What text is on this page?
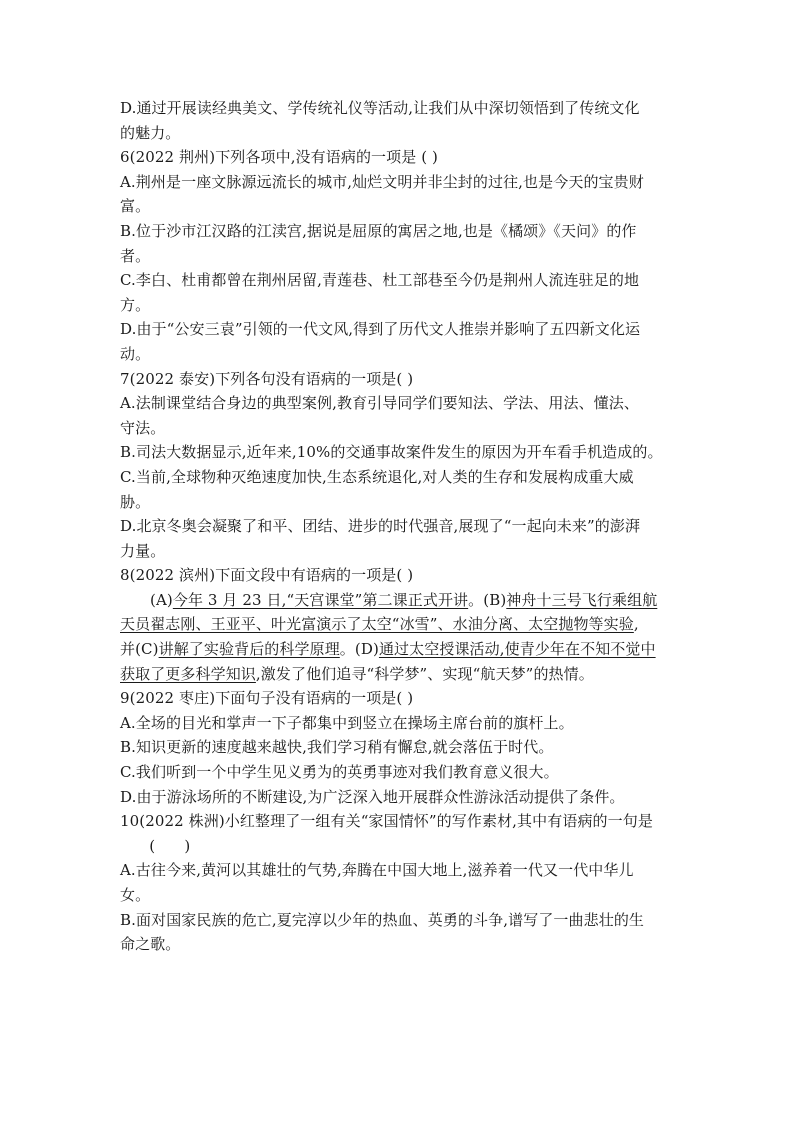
D.通过开展读经典美文、学传统礼仪等活动,让我们从中深切领悟到了传统文化
的魅力。
6(2022 荆州)下列各项中,没有语病的一项是 ( )
A.荆州是一座文脉源远流长的城市,灿烂文明并非尘封的过往,也是今天的宝贵财
富。
B.位于沙市江汉路的江渎宫,据说是屈原的寓居之地,也是《橘颂》《天问》的作
者。
C.李白、杜甫都曾在荆州居留,青莲巷、杜工部巷至今仍是荆州人流连驻足的地
方。
D.由于“公安三袁”引领的一代文风,得到了历代文人推崇并影响了五四新文化运
动。
7(2022 泰安)下列各句没有语病的一项是( )
A.法制课堂结合身边的典型案例,教育引导同学们要知法、学法、用法、懂法、
守法。
B.司法大数据显示,近年来,10%的交通事故案件发生的原因为开车看手机造成的。
C.当前,全球物种灭绝速度加快,生态系统退化,对人类的生存和发展构成重大威
胁。
D.北京冬奥会凝聚了和平、团结、进步的时代强音,展现了“一起向未来”的澎湃
力量。
8(2022 滨州)下面文段中有语病的一项是( )
(A)今年 3 月 23 日,“天宫课堂”第二课正式开讲。(B)神舟十三号飞行乘组航
天员翟志刚、王亚平、叶光富演示了太空“冰雪”、水油分离、太空抛物等实验,
并(C)讲解了实验背后的科学原理。(D)通过太空授课活动,使青少年在不知不觉中
获取了更多科学知识,激发了他们追寻“科学梦”、实现“航天梦”的热情。
9(2022 枣庄)下面句子没有语病的一项是( )
A.全场的目光和掌声一下子都集中到竖立在操场主席台前的旗杆上。
B.知识更新的速度越来越快,我们学习稍有懈怠,就会落伍于时代。
C.我们听到一个中学生见义勇为的英勇事迹对我们教育意义很大。
D.由于游泳场所的不断建设,为广泛深入地开展群众性游泳活动提供了条件。
10(2022 株洲)小红整理了一组有关“家国情怀”的写作素材,其中有语病的一句是
(      )
A.古往今来,黄河以其雄壮的气势,奔腾在中国大地上,滋养着一代又一代中华儿
女。
B.面对国家民族的危亡,夏完淳以少年的热血、英勇的斗争,谱写了一曲悲壮的生
命之歌。
